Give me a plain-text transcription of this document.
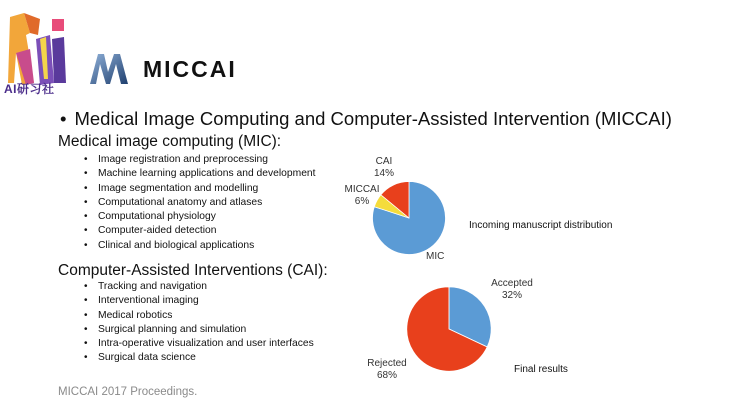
AI研习社
MICCAI
• Medical Image Computing and Computer-Assisted Intervention (MICCAI)
Medical image computing (MIC):
• Image registration and preprocessing
• Machine learning applications and development
• Image segmentation and modelling
• Computational anatomy and atlases
• Computational physiology
• Computer-aided detection
• Clinical and biological applications
Computer-Assisted Interventions (CAI):
• Tracking and navigation
• Interventional imaging
• Medical robotics
• Surgical planning and simulation
• Intra-operative visualization and user interfaces
• Surgical data science
CAI
14%
MICCAI
6%
MIC
Incoming manuscript distribution
Accepted
32%
Rejected
68%
Final results
MICCAI 2017 Proceedings.
